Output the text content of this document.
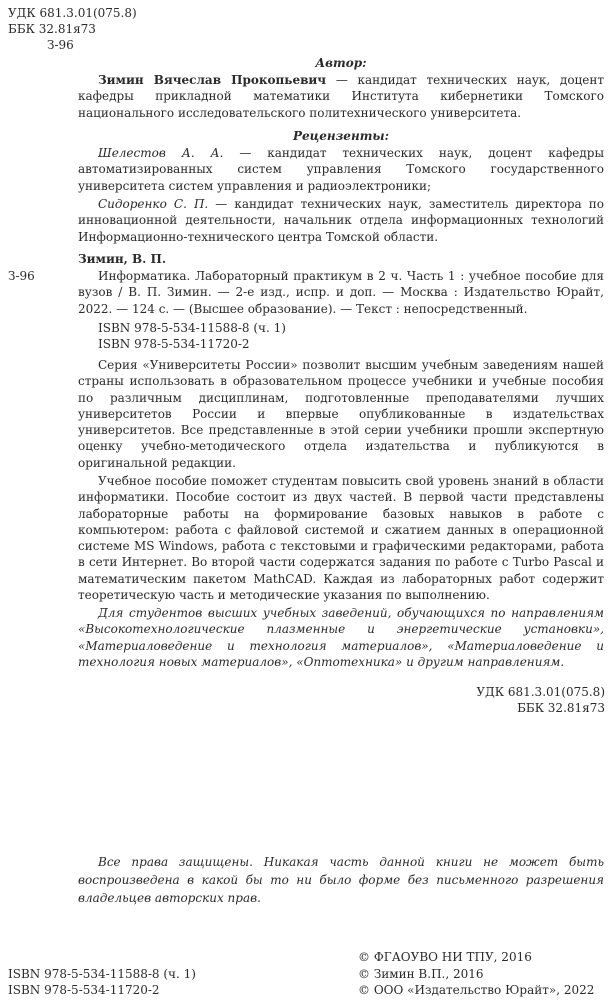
УДК 681.3.01(075.8)
ББК 32.81я73
З-96
Автор:

Зимин Вячеслав Прокопьевич — кандидат технических наук, доцент кафедры прикладной математики Института кибернетики Томского национального исследовательского политехнического университета.

Рецензенты:

Шелестов А. А. — кандидат технических наук, доцент кафедры автоматизированных систем управления Томского государственного университета систем управления и радиоэлектроники;

Сидоренко С. П. — кандидат технических наук, заместитель директора по инновационной деятельности, начальник отдела информационных технологий Информационно-технического центра Томской области.

Зимин, В. П.
З-96	Информатика. Лабораторный практикум в 2 ч. Часть 1 : учебное пособие для вузов / В. П. Зимин. — 2-е изд., испр. и доп. — Москва : Издательство Юрайт, 2022. — 124 с. — (Высшее образование). — Текст : непосредственный.

ISBN 978-5-534-11588-8 (ч. 1)
ISBN 978-5-534-11720-2

Серия «Университеты России» позволит высшим учебным заведениям нашей страны использовать в образовательном процессе учебники и учебные пособия по различным дисциплинам, подготовленные преподавателями лучших университетов России и впервые опубликованные в издательствах университетов. Все представленные в этой серии учебники прошли экспертную оценку учебно-методического отдела издательства и публикуются в оригинальной редакции.

Учебное пособие поможет студентам повысить свой уровень знаний в области информатики. Пособие состоит из двух частей. В первой части представлены лабораторные работы на формирование базовых навыков в работе с компьютером: работа с файловой системой и сжатием данных в операционной системе MS Windows, работа с текстовыми и графическими редакторами, работа в сети Интернет. Во второй части содержатся задания по работе с Turbo Pascal и математическим пакетом MathCAD. Каждая из лабораторных работ содержит теоретическую часть и методические указания по выполнению.

Для студентов высших учебных заведений, обучающихся по направлениям «Высокотехнологические плазменные и энергетические установки», «Материаловедение и технология материалов», «Материаловедение и технология новых материалов», «Оптотехника» и другим направлениям.

УДК 681.3.01(075.8)
ББК 32.81я73

Все права защищены. Никакая часть данной книги не может быть воспроизведена в какой бы то ни было форме без письменного разрешения владельцев авторских прав.

ISBN 978-5-534-11588-8 (ч. 1)
ISBN 978-5-534-11720-2
© ФГАОУВО НИ ТПУ, 2016
© Зимин В.П., 2016
© ООО «Издательство Юрайт», 2022
